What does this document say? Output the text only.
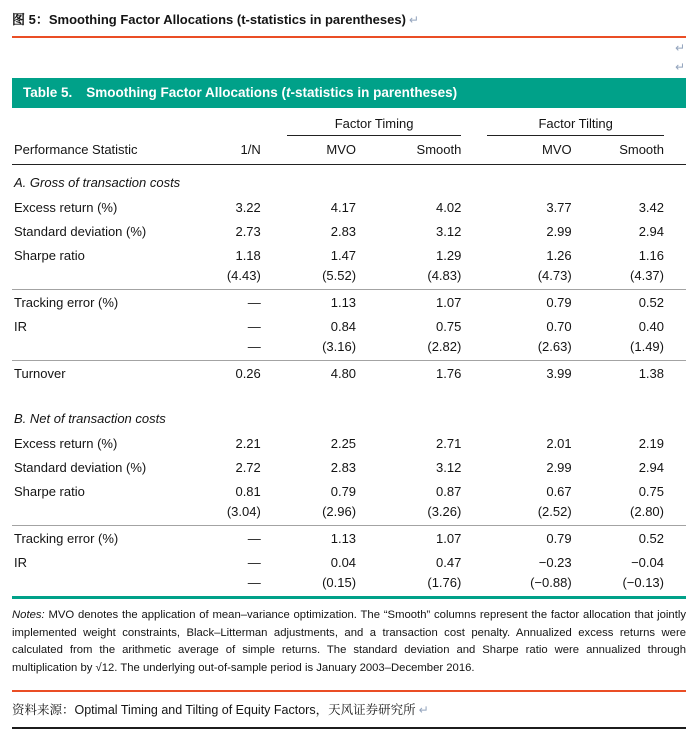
图 5：Smoothing Factor Allocations (t-statistics in parentheses) ↵
↵
↵
Table 5. Smoothing Factor Allocations (t-statistics in parentheses)

		Factor Timing		Factor Tilting	

Performance Statistic	1/N	MVO	Smooth	MVO	Smooth
A. Gross of transaction costs					
Excess return (%)	3.22	4.17	4.02	3.77	3.42
Standard deviation (%)	2.73	2.83	3.12	2.99	2.94
Sharpe ratio	1.18	1.47	1.29	1.26	1.16
	(4.43)	(5.52)	(4.83)	(4.73)	(4.37)
Tracking error (%)	—	1.13	1.07	0.79	0.52
IR	—	0.84	0.75	0.70	0.40
	—	(3.16)	(2.82)	(2.63)	(1.49)
Turnover	0.26	4.80	1.76	3.99	1.38
B. Net of transaction costs					
Excess return (%)	2.21	2.25	2.71	2.01	2.19
Standard deviation (%)	2.72	2.83	3.12	2.99	2.94
Sharpe ratio	0.81	0.79	0.87	0.67	0.75
	(3.04)	(2.96)	(3.26)	(2.52)	(2.80)
Tracking error (%)	—	1.13	1.07	0.79	0.52
IR	—	0.04	0.47	−0.23	−0.04
	—	(0.15)	(1.76)	(−0.88)	(−0.13)
Notes: MVO denotes the application of mean–variance optimization. The “Smooth” columns represent the factor allocation that jointly implemented weight constraints, Black–Litterman adjustments, and a transaction cost penalty. Annualized excess returns were calculated from the arithmetic average of simple returns. The standard deviation and Sharpe ratio were annualized through multiplication by √12. The underlying out-of-sample period is January 2003–December 2016.
资料来源：Optimal Timing and Tilting of Equity Factors，天风证券研究所 ↵
